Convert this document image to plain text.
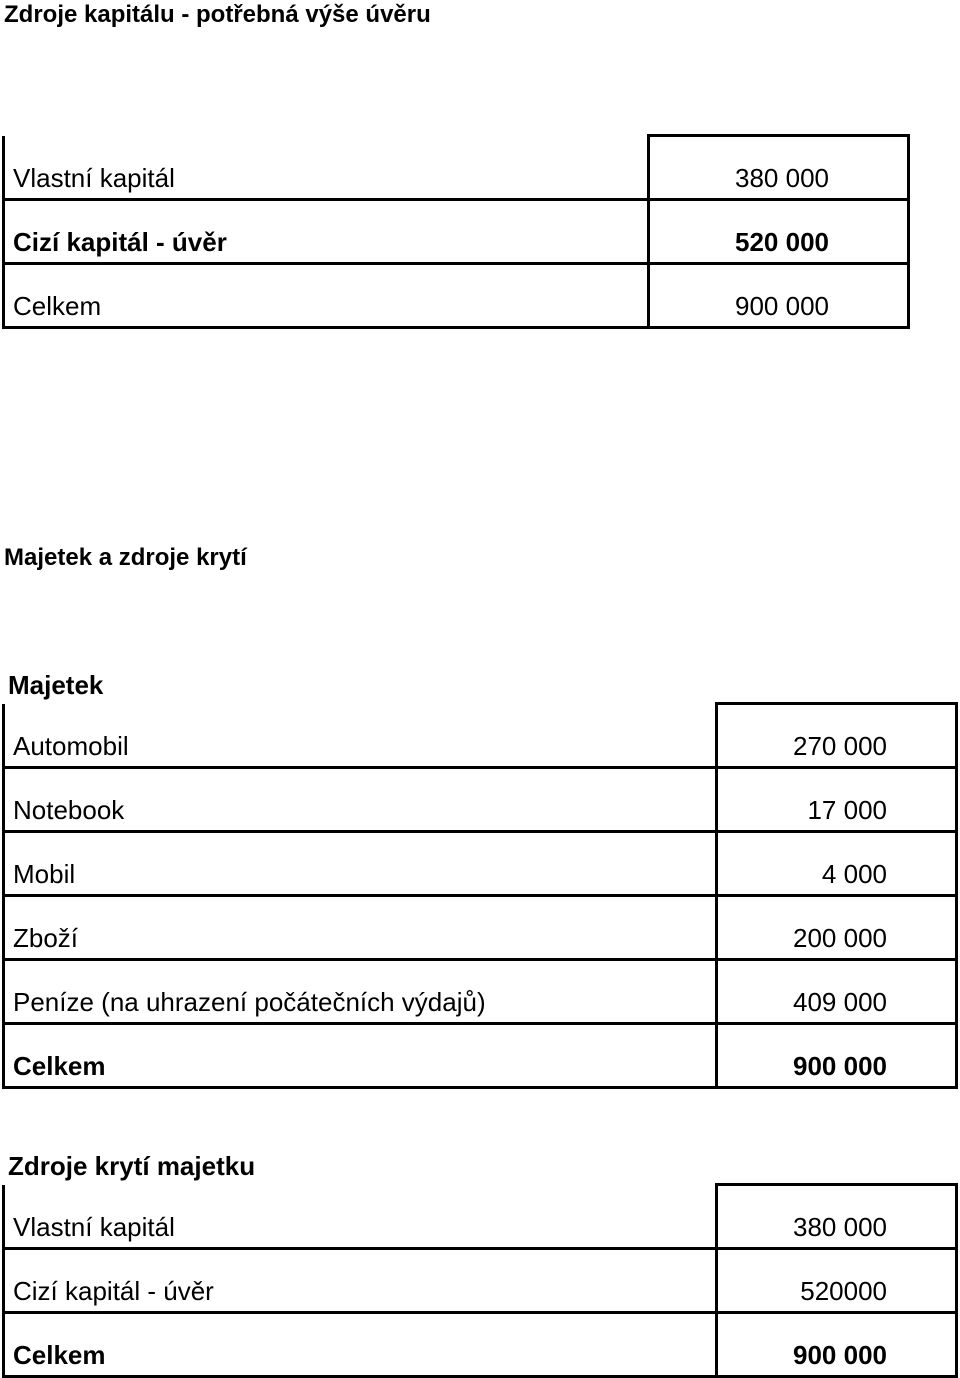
Zdroje kapitálu - potřebná výše úvěru
Vlastní kapitál	380 000
Cizí kapitál - úvěr	520 000
Celkem	900 000
Majetek a zdroje krytí
Majetek
Automobil	270 000
Notebook	17 000
Mobil	4 000
Zboží	200 000
Peníze (na uhrazení počátečních výdajů)	409 000
Celkem	900 000
Zdroje krytí majetku
Vlastní kapitál	380 000
Cizí kapitál - úvěr	520000
Celkem	900 000
